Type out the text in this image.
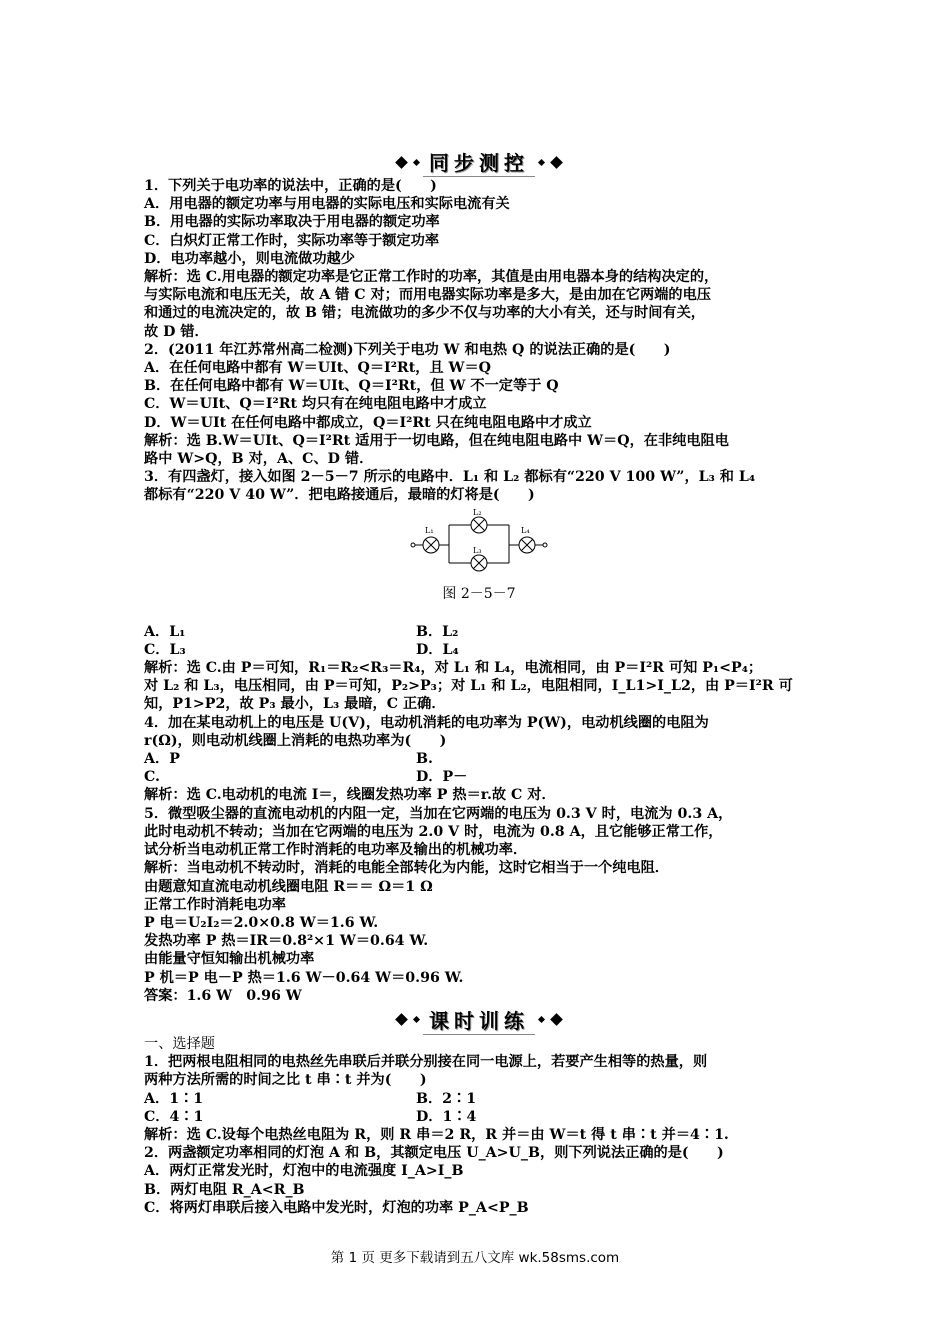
同步测控
1．下列关于电功率的说法中，正确的是(　　)
A．用电器的额定功率与用电器的实际电压和实际电流有关
B．用电器的实际功率取决于用电器的额定功率
C．白炽灯正常工作时，实际功率等于额定功率
D．电功率越小，则电流做功越少
解析：选 C.用电器的额定功率是它正常工作时的功率，其值是由用电器本身的结构决定的，
与实际电流和电压无关，故 A 错 C 对；而用电器实际功率是多大，是由加在它两端的电压
和通过的电流决定的，故 B 错；电流做功的多少不仅与功率的大小有关，还与时间有关，
故 D 错．
2．(2011 年江苏常州高二检测)下列关于电功 W 和电热 Q 的说法正确的是(　　)
A．在任何电路中都有 W＝UIt、Q＝I²Rt，且 W＝Q
B．在任何电路中都有 W＝UIt、Q＝I²Rt，但 W 不一定等于 Q
C．W＝UIt、Q＝I²Rt 均只有在纯电阻电路中才成立
D．W＝UIt 在任何电路中都成立，Q＝I²Rt 只在纯电阻电路中才成立
解析：选 B.W＝UIt、Q＝I²Rt 适用于一切电路，但在纯电阻电路中 W＝Q，在非纯电阻电
路中 W>Q，B 对，A、C、D 错．
3．有四盏灯，接入如图 2－5－7 所示的电路中．L₁ 和 L₂ 都标有“220 V 100 W”，L₃ 和 L₄
都标有“220 V 40 W”．把电路接通后，最暗的灯将是(　　)
L₁
L₂
L₃
L₄
图 2－5－7
A．L₁	B．L₂
C．L₃	D．L₄
解析：选 C.由 P＝可知，R₁＝R₂<R₃＝R₄，对 L₁ 和 L₄，电流相同，由 P＝I²R 可知 P₁<P₄；
对 L₂ 和 L₃，电压相同，由 P＝可知，P₂>P₃；对 L₁ 和 L₂，电阻相同，I_L1>I_L2，由 P＝I²R 可
知，P1>P2，故 P₃ 最小，L₃ 最暗，C 正确．
4．加在某电动机上的电压是 U(V)，电动机消耗的电功率为 P(W)，电动机线圈的电阻为
r(Ω)，则电动机线圈上消耗的电热功率为(　　)
A．P	B.
C.	D．P－
解析：选 C.电动机的电流 I＝，线圈发热功率 P 热＝r.故 C 对．
5．微型吸尘器的直流电动机的内阻一定，当加在它两端的电压为 0.3 V 时，电流为 0.3 A，
此时电动机不转动；当加在它两端的电压为 2.0 V 时，电流为 0.8 A，且它能够正常工作，
试分析当电动机正常工作时消耗的电功率及输出的机械功率．
解析：当电动机不转动时，消耗的电能全部转化为内能，这时它相当于一个纯电阻．
由题意知直流电动机线圈电阻 R＝＝ Ω＝1 Ω
正常工作时消耗电功率
P 电＝U₂I₂＝2.0×0.8 W＝1.6 W.
发热功率 P 热＝IR＝0.8²×1 W＝0.64 W.
由能量守恒知输出机械功率
P 机＝P 电－P 热＝1.6 W－0.64 W＝0.96 W.
答案：1.6 W　0.96 W
课时训练
一、选择题
1．把两根电阻相同的电热丝先串联后并联分别接在同一电源上，若要产生相等的热量，则
两种方法所需的时间之比 t 串∶t 并为(　　)
A．1∶1	B．2∶1
C．4∶1	D．1∶4
解析：选 C.设每个电热丝电阻为 R，则 R 串＝2 R，R 并＝由 W＝t 得 t 串∶t 并＝4∶1.
2．两盏额定功率相同的灯泡 A 和 B，其额定电压 U_A>U_B，则下列说法正确的是(　　)
A．两灯正常发光时，灯泡中的电流强度 I_A>I_B
B．两灯电阻 R_A<R_B
C．将两灯串联后接入电路中发光时，灯泡的功率 P_A<P_B
第 1 页 更多下载请到五八文库 wk.58sms.com
